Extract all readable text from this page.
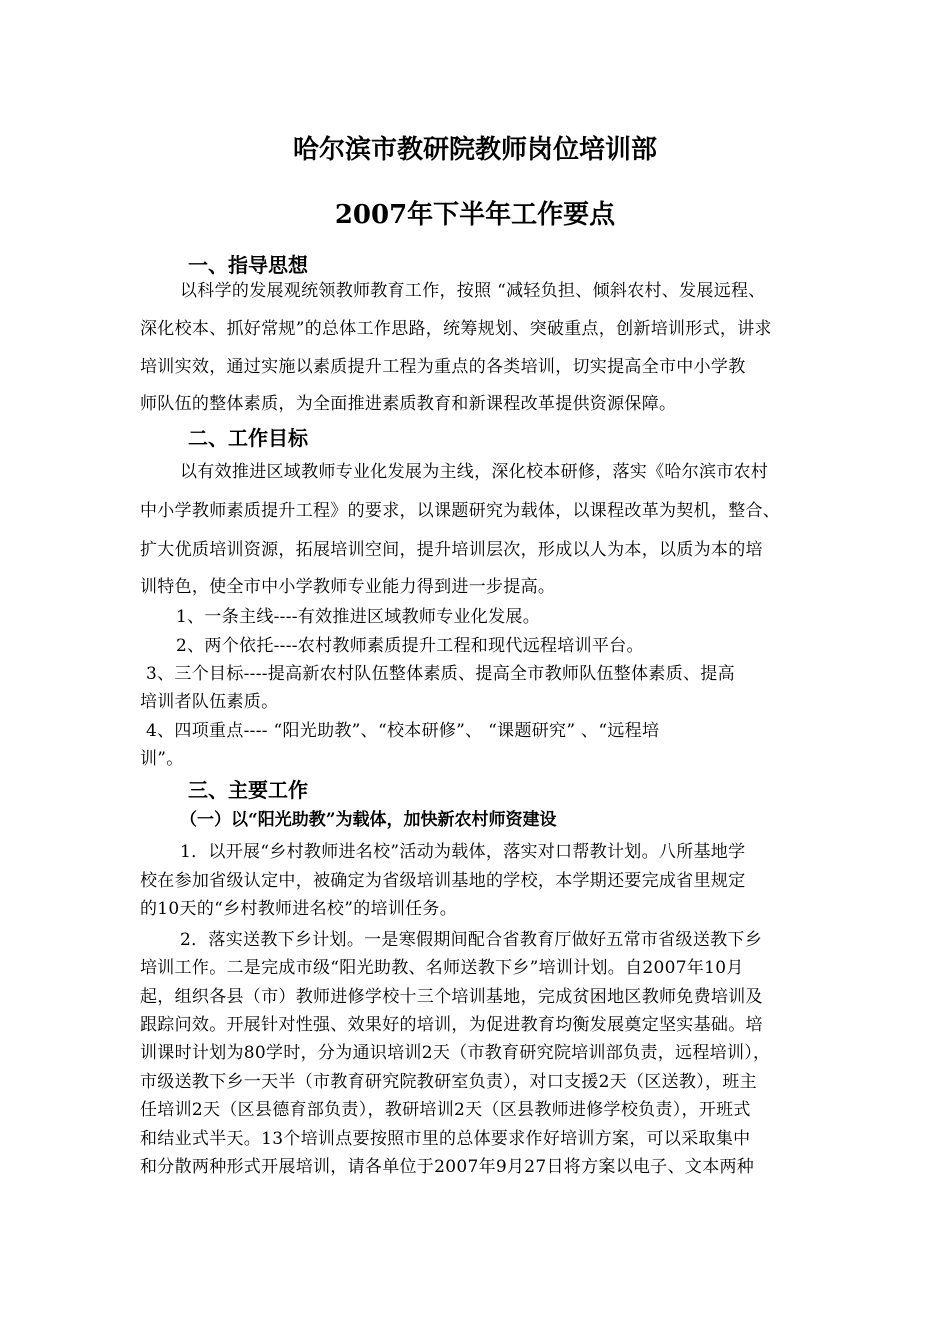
哈尔滨市教研院教师岗位培训部
2007年下半年工作要点
一、指导思想
以科学的发展观统领教师教育工作，按照 “减轻负担、倾斜农村、发展远程、
深化校本、抓好常规”的总体工作思路，统筹规划、突破重点，创新培训形式，讲求
培训实效，通过实施以素质提升工程为重点的各类培训，切实提高全市中小学教
师队伍的整体素质，为全面推进素质教育和新课程改革提供资源保障。
二、工作目标
以有效推进区域教师专业化发展为主线，深化校本研修，落实《哈尔滨市农村
中小学教师素质提升工程》的要求，以课题研究为载体，以课程改革为契机，整合、
扩大优质培训资源，拓展培训空间，提升培训层次，形成以人为本，以质为本的培
训特色，使全市中小学教师专业能力得到进一步提高。
1、一条主线----有效推进区域教师专业化发展。
2、两个依托----农村教师素质提升工程和现代远程培训平台。
3、三个目标----提高新农村队伍整体素质、提高全市教师队伍整体素质、提高
培训者队伍素质。
4、四项重点---- “阳光助教”、“校本研修”、 “课题研究” 、“远程培
训”。
三、主要工作
（一）以“阳光助教”为载体，加快新农村师资建设
1．以开展“乡村教师进名校”活动为载体，落实对口帮教计划。八所基地学
校在参加省级认定中，被确定为省级培训基地的学校，本学期还要完成省里规定
的10天的“乡村教师进名校”的培训任务。
2．落实送教下乡计划。一是寒假期间配合省教育厅做好五常市省级送教下乡
培训工作。二是完成市级“阳光助教、名师送教下乡”培训计划。自2007年10月
起，组织各县（市）教师进修学校十三个培训基地，完成贫困地区教师免费培训及
跟踪问效。开展针对性强、效果好的培训，为促进教育均衡发展奠定坚实基础。培
训课时计划为80学时，分为通识培训2天（市教育研究院培训部负责，远程培训），
市级送教下乡一天半（市教育研究院教研室负责），对口支援2天（区送教），班主
任培训2天（区县德育部负责），教研培训2天（区县教师进修学校负责），开班式
和结业式半天。13个培训点要按照市里的总体要求作好培训方案，可以采取集中
和分散两种形式开展培训，请各单位于2007年9月27日将方案以电子、文本两种
